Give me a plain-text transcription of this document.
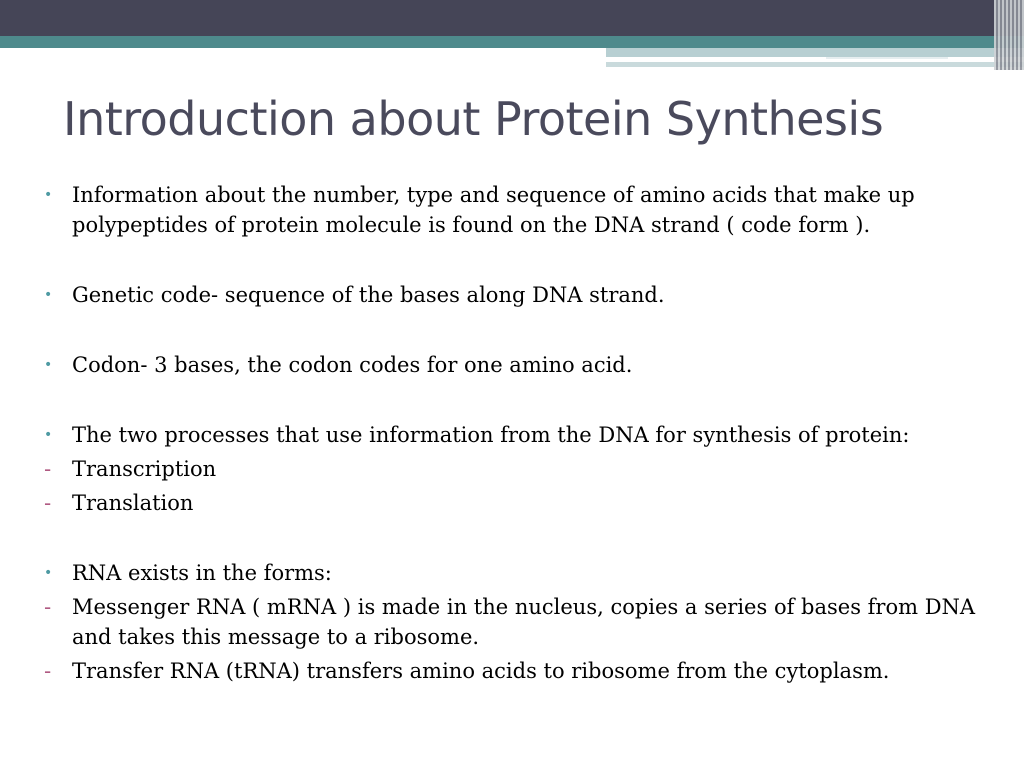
Introduction about Protein Synthesis
• Information about the number, type and sequence of amino acids that make up polypeptides of protein molecule is found on the DNA strand ( code form ).
• Genetic code- sequence of the bases along DNA strand.
• Codon- 3 bases, the codon codes for one amino acid.
• The two processes that use information from the DNA for synthesis of protein:
- Transcription
- Translation
• RNA exists in the forms:
- Messenger RNA ( mRNA ) is made in the nucleus, copies a series of bases from DNA and takes this message to a ribosome.
- Transfer RNA (tRNA) transfers amino acids to ribosome from the cytoplasm.
